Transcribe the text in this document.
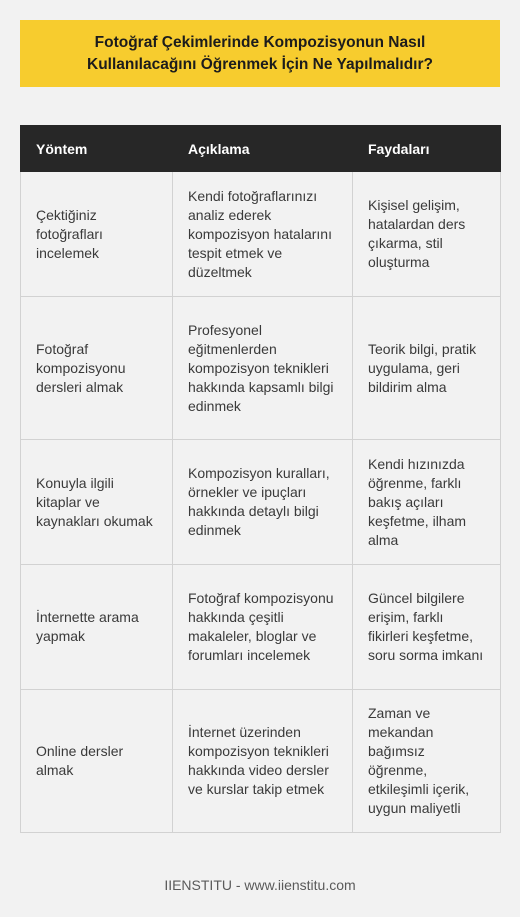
Fotoğraf Çekimlerinde Kompozisyonun Nasıl Kullanılacağını Öğrenmek İçin Ne Yapılmalıdır?
Yöntem	Açıklama	Faydaları
Çektiğiniz fotoğrafları incelemek	Kendi fotoğraflarınızı analiz ederek kompozisyon hatalarını tespit etmek ve düzeltmek	Kişisel gelişim, hatalardan ders çıkarma, stil oluşturma
Fotoğraf kompozisyonu dersleri almak	Profesyonel eğitmenlerden kompozisyon teknikleri hakkında kapsamlı bilgi edinmek	Teorik bilgi, pratik uygulama, geri bildirim alma
Konuyla ilgili kitaplar ve kaynakları okumak	Kompozisyon kuralları, örnekler ve ipuçları hakkında detaylı bilgi edinmek	Kendi hızınızda öğrenme, farklı bakış açıları keşfetme, ilham alma
İnternette arama yapmak	Fotoğraf kompozisyonu hakkında çeşitli makaleler, bloglar ve forumları incelemek	Güncel bilgilere erişim, farklı fikirleri keşfetme, soru sorma imkanı
Online dersler almak	İnternet üzerinden kompozisyon teknikleri hakkında video dersler ve kurslar takip etmek	Zaman ve mekandan bağımsız öğrenme, etkileşimli içerik, uygun maliyetli
IIENSTITU - www.iienstitu.com
